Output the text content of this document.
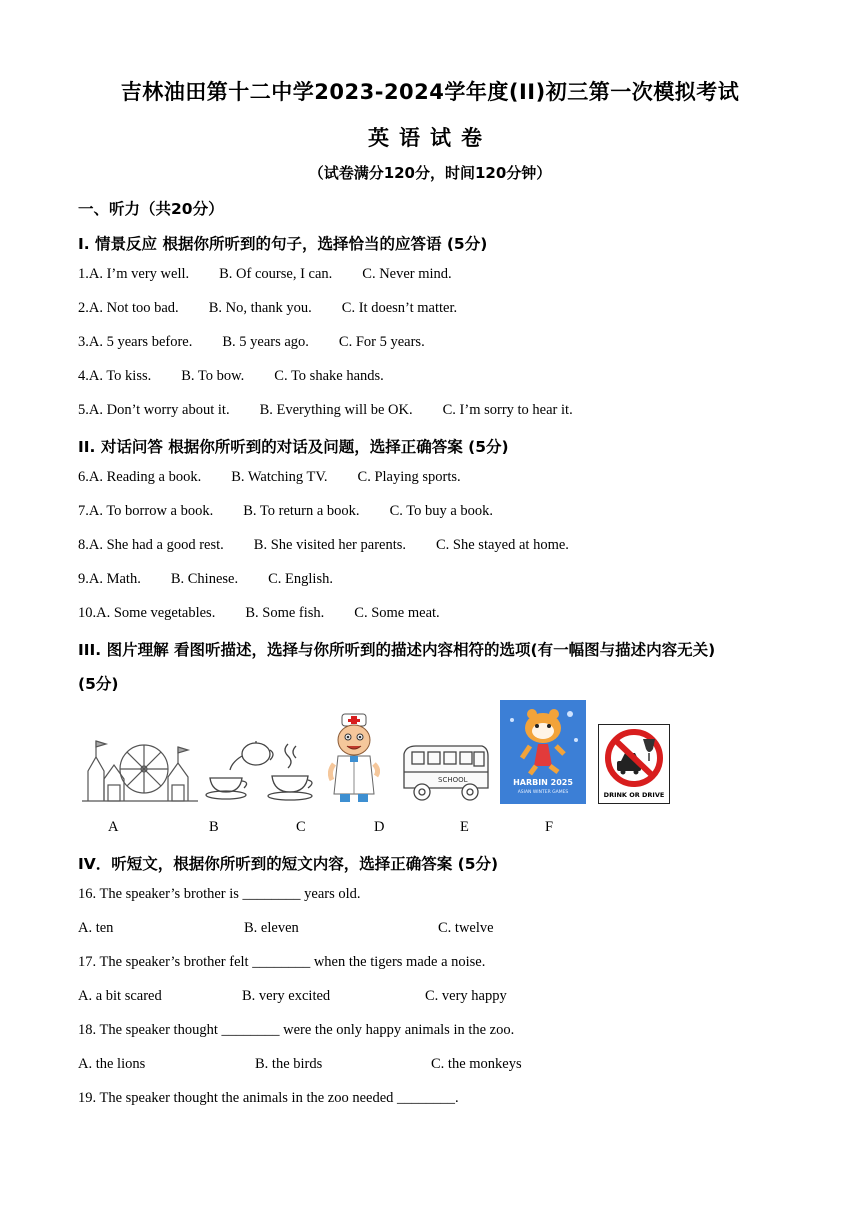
吉林油田第十二中学2023-2024学年度(II)初三第一次模拟考试
英语试卷
（试卷满分120分，时间120分钟）
一、听力（共20分）
I. 情景反应 根据你所听到的句子，选择恰当的应答语 (5分)
1.A. I’m very well. B. Of course, I can. C. Never mind.
2.A. Not too bad. B. No, thank you. C. It doesn’t matter.
3.A. 5 years before. B. 5 years ago. C. For 5 years.
4.A. To kiss. B. To bow. C. To shake hands.
5.A. Don’t worry about it. B. Everything will be OK. C. I’m sorry to hear it.
II. 对话问答 根据你所听到的对话及问题，选择正确答案 (5分)
6.A. Reading a book. B. Watching TV. C. Playing sports.
7.A. To borrow a book. B. To return a book. C. To buy a book.
8.A. She had a good rest. B. She visited her parents. C. She stayed at home.
9.A. Math. B. Chinese. C. English.
10.A. Some vegetables. B. Some fish. C. Some meat.
III. 图片理解 看图听描述，选择与你所听到的描述内容相符的选项(有一幅图与描述内容无关)
(5分)
SCHOOL	HARBIN 2025
ASIAN WINTER GAMES	DRINK OR DRIVE
A	B	C	D	E	F
IV．听短文，根据你所听到的短文内容，选择正确答案 (5分)
16. The speaker’s brother is ________ years old.
A. ten	B. eleven	C. twelve
17. The speaker’s brother felt ________ when the tigers made a noise.
A. a bit scared	B. very excited	C. very happy
18. The speaker thought ________ were the only happy animals in the zoo.
A. the lions	B. the birds	C. the monkeys
19. The speaker thought the animals in the zoo needed ________.
